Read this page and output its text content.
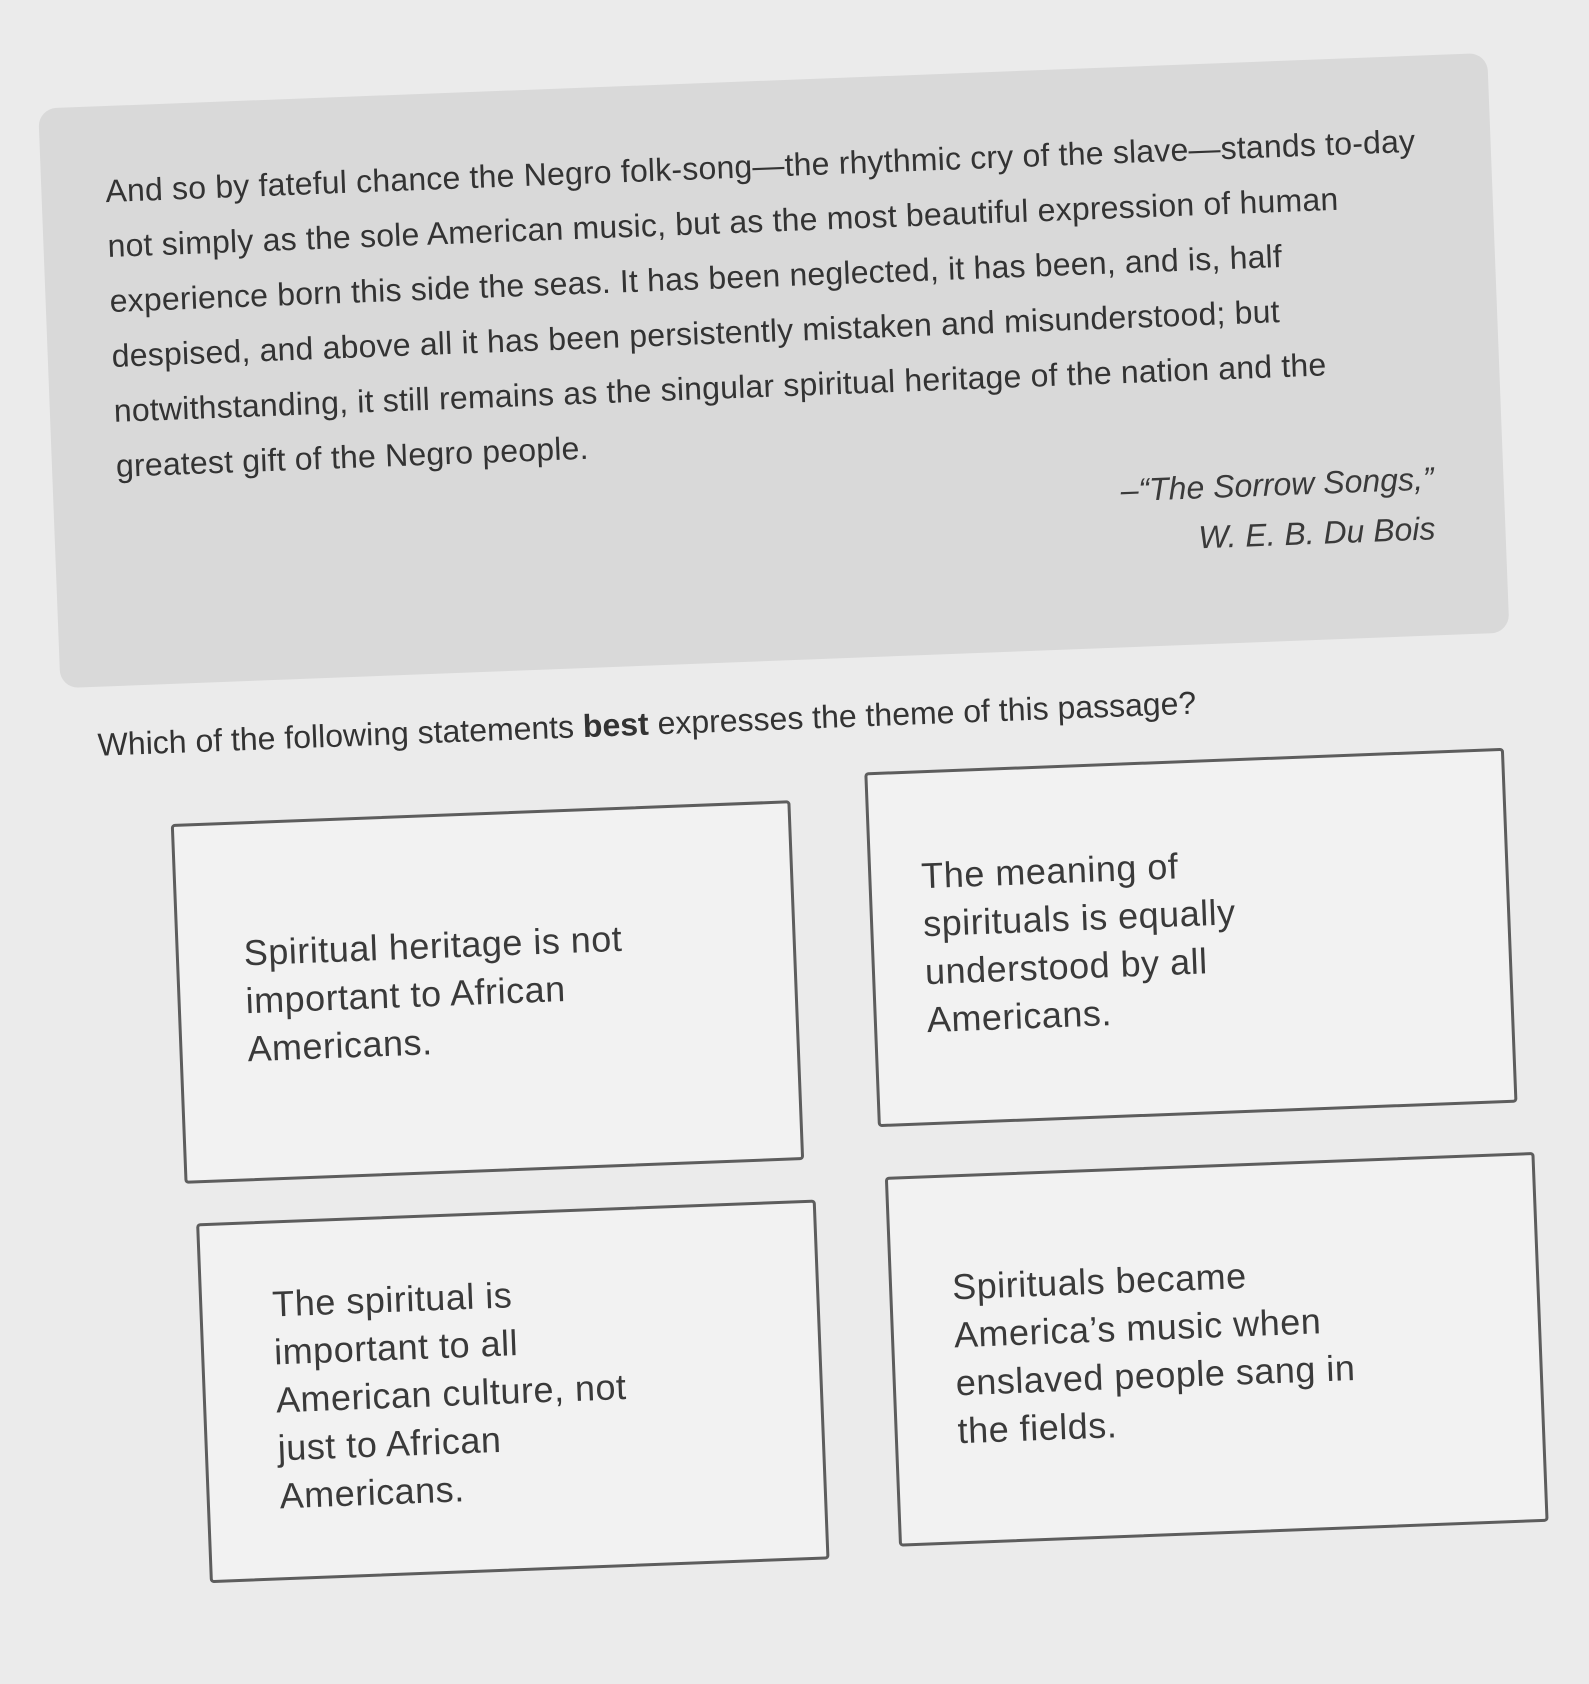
And so by fateful chance the Negro folk-song—the rhythmic cry of the slave—stands to-day not simply as the sole American music, but as the most beautiful expression of human experience born this side the seas. It has been neglected, it has been, and is, half despised, and above all it has been persistently mistaken and misunderstood; but notwithstanding, it still remains as the singular spiritual heritage of the nation and the greatest gift of the Negro people.

–“The Sorrow Songs,”
W. E. B. Du Bois

Which of the following statements best expresses the theme of this passage?

Spiritual heritage is not important to African Americans.
The meaning of spirituals is equally understood by all Americans.
The spiritual is important to all American culture, not just to African Americans.
Spirituals became America’s music when enslaved people sang in the fields.
